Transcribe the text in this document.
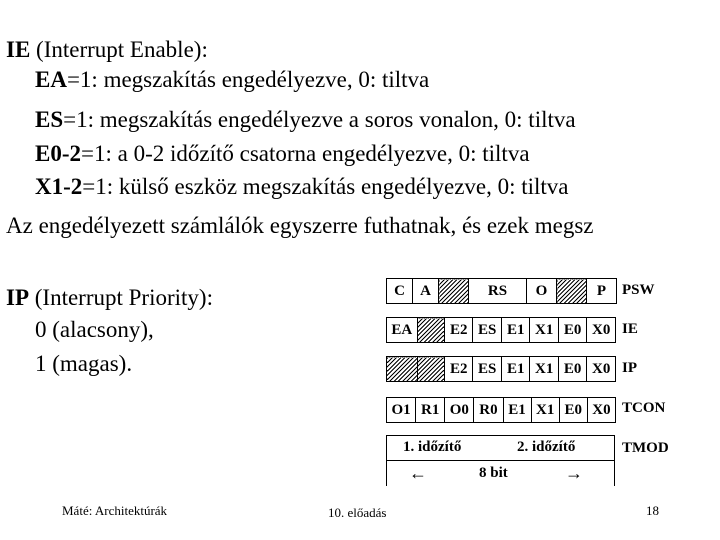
IE (Interrupt Enable):
EA=1: megszakítás engedélyezve, 0: tiltva
ES=1: megszakítás engedélyezve a soros vonalon, 0: tiltva
E0-2=1: a 0-2 időzítő csatorna engedélyezve, 0: tiltva
X1-2=1: külső eszköz megszakítás engedélyezve, 0: tiltva
Az engedélyezett számlálók egyszerre futhatnak, és ezek megsz
IP (Interrupt Priority):
0 (alacsony),
1 (magas).
C	A		RS	O		P PSW
EA		E2	ES	E1	X1	E0	X0 IE
		E2	ES	E1	X1	E0	X0 IP
O1	R1	O0	R0	E1	X1	E0	X0 TCON
1. időzítő	2. időzítő
←	8 bit	→
TMOD
Máté: Architektúrák	10. előadás	18
